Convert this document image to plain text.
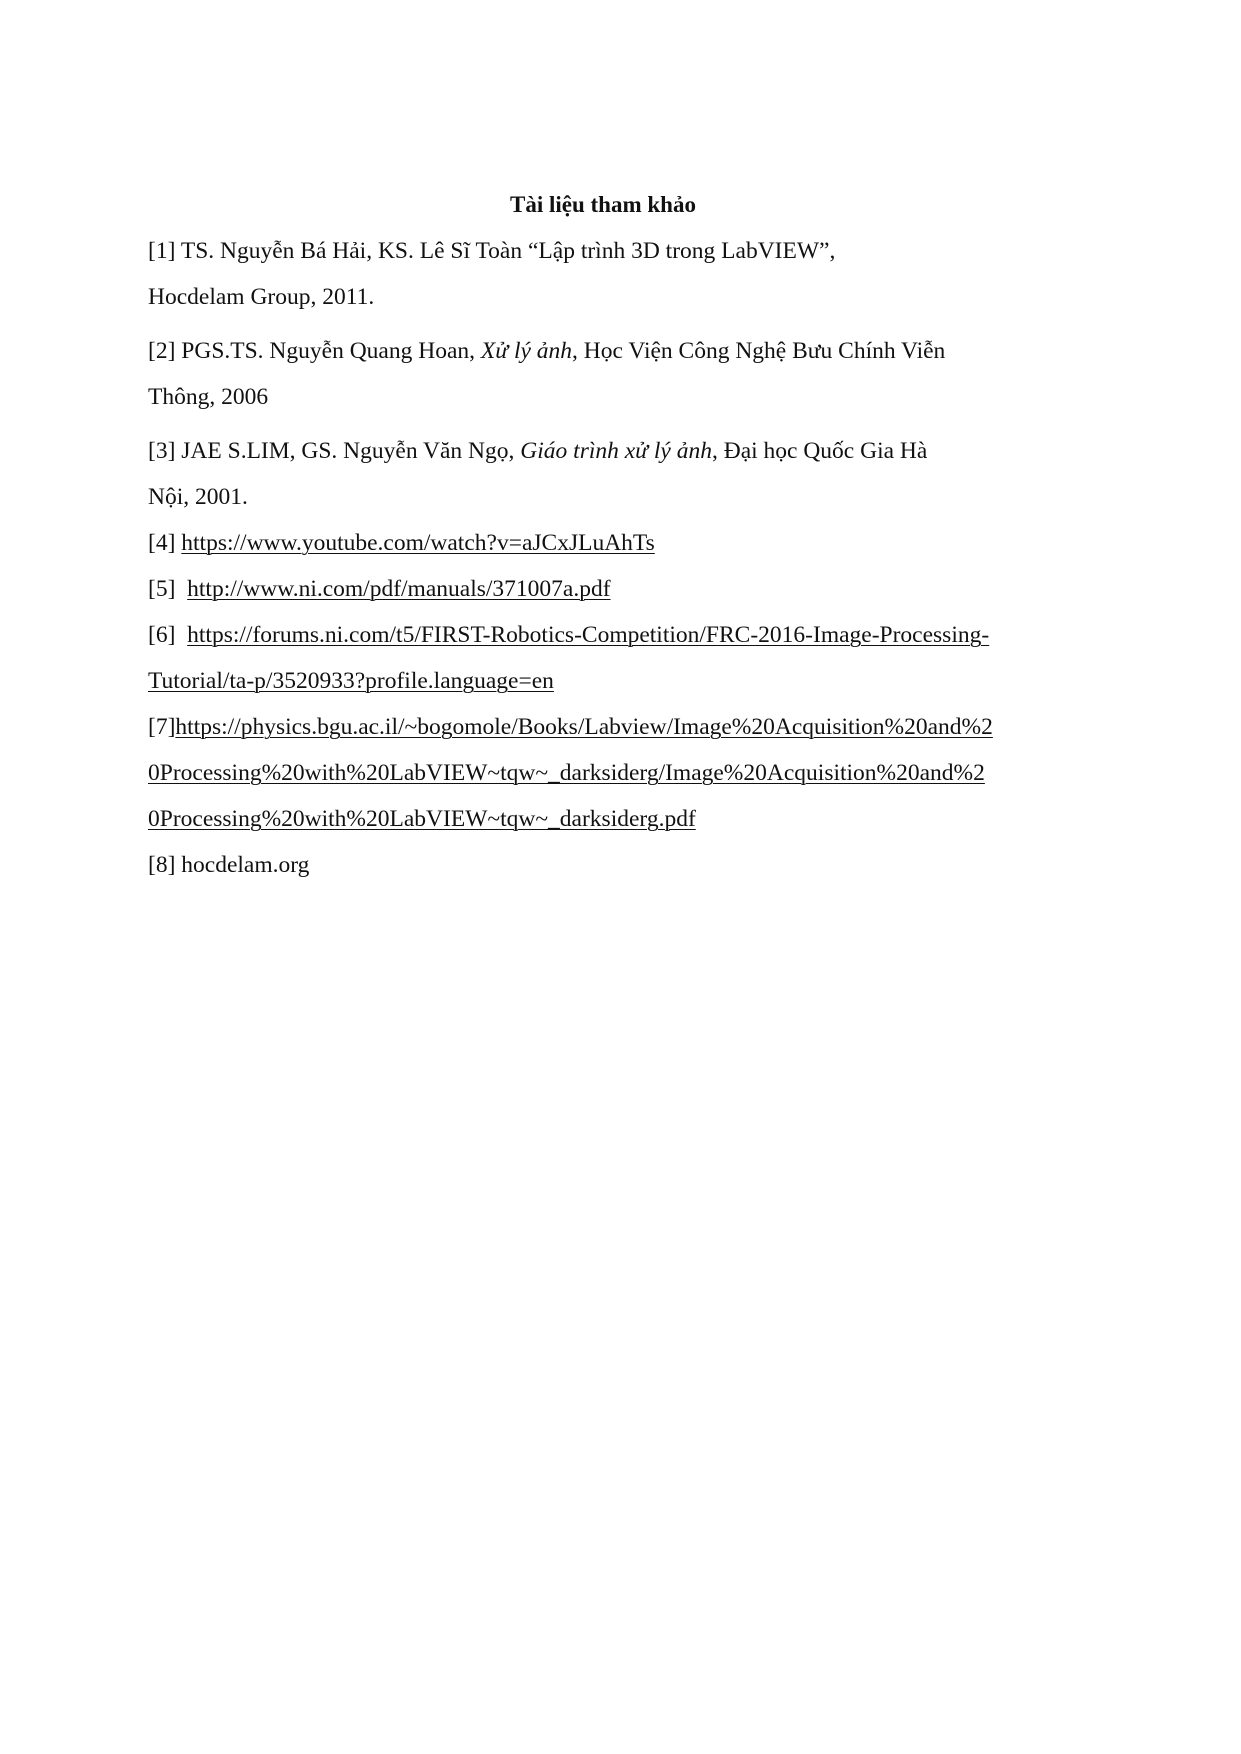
Tài liệu tham khảo

[1] TS. Nguyễn Bá Hải, KS. Lê Sĩ Toàn “Lập trình 3D trong LabVIEW”,

Hocdelam Group, 2011.

[2] PGS.TS. Nguyễn Quang Hoan, Xử lý ảnh, Học Viện Công Nghệ Bưu Chính Viễn

Thông, 2006

[3] JAE S.LIM, GS. Nguyễn Văn Ngọ, Giáo trình xử lý ảnh, Đại học Quốc Gia Hà

Nội, 2001.

[4] https://www.youtube.com/watch?v=aJCxJLuAhTs

[5]  http://www.ni.com/pdf/manuals/371007a.pdf

[6]  https://forums.ni.com/t5/FIRST-Robotics-Competition/FRC-2016-Image-Processing-

Tutorial/ta-p/3520933?profile.language=en

[7]https://physics.bgu.ac.il/~bogomole/Books/Labview/Image%20Acquisition%20and%2

0Processing%20with%20LabVIEW~tqw~_darksiderg/Image%20Acquisition%20and%2

0Processing%20with%20LabVIEW~tqw~_darksiderg.pdf

[8] hocdelam.org
